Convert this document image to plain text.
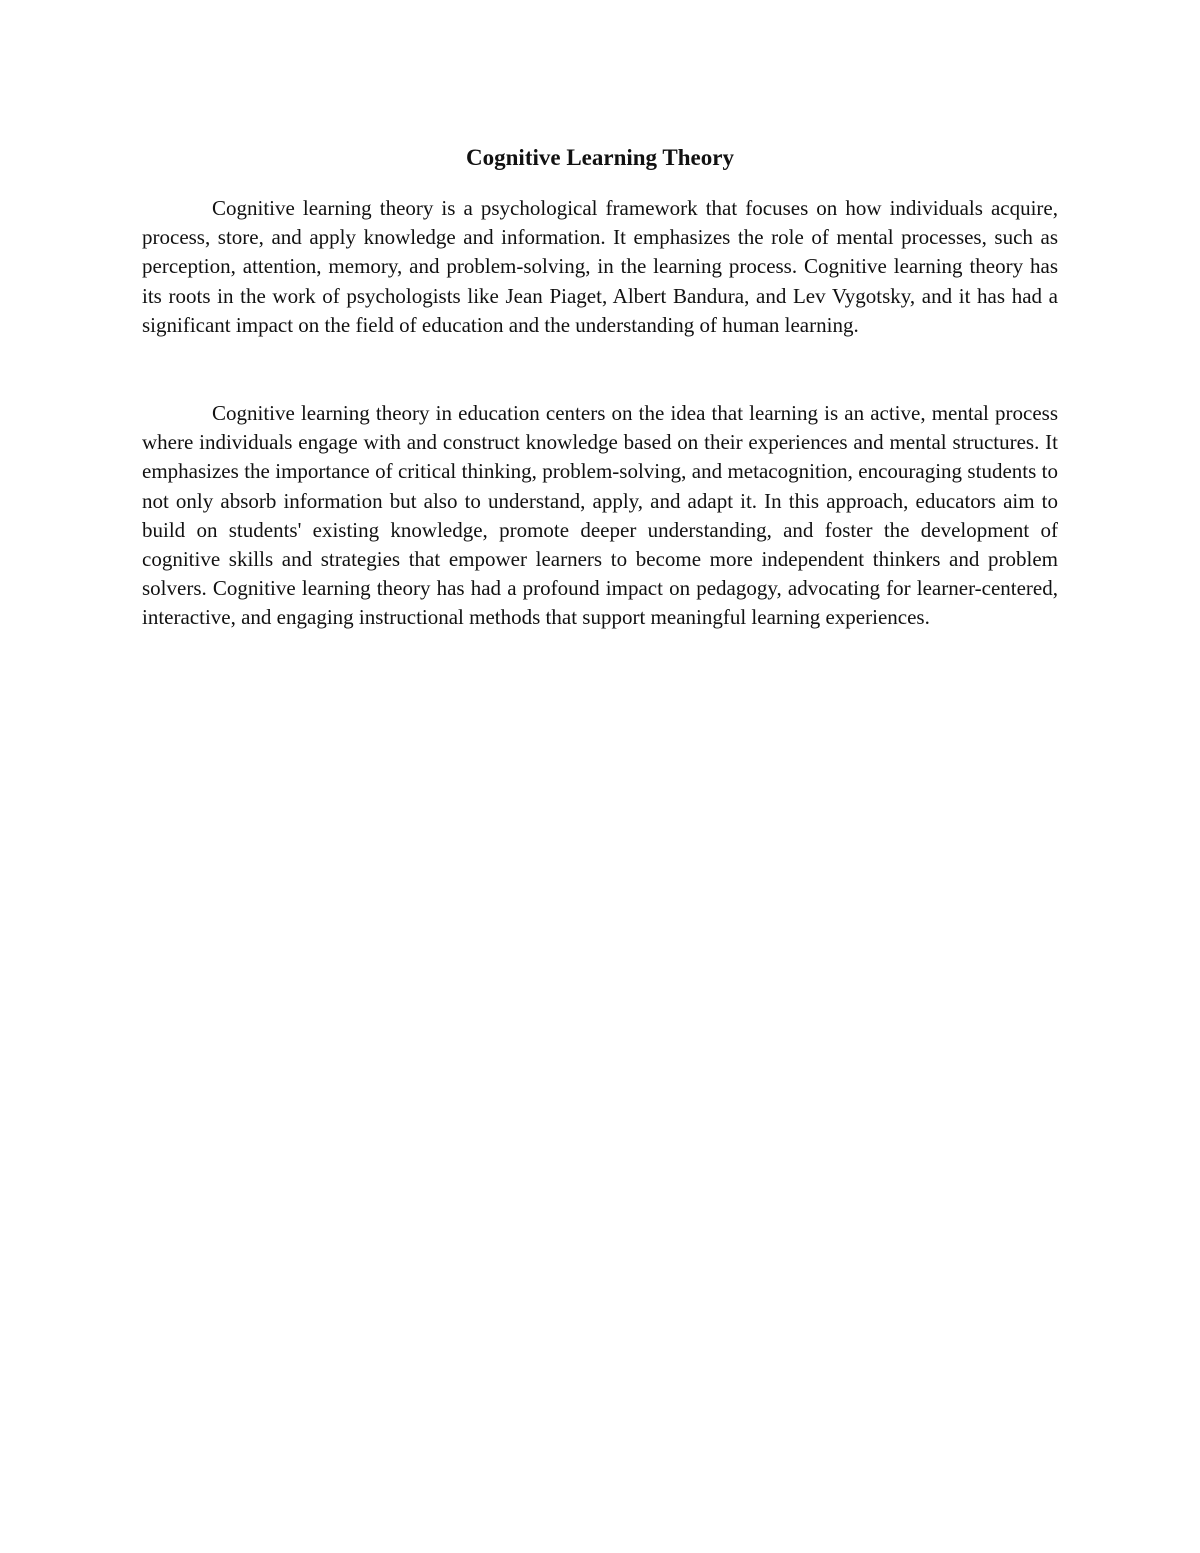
Cognitive Learning Theory

Cognitive learning theory is a psychological framework that focuses on how individuals acquire, process, store, and apply knowledge and information. It emphasizes the role of mental processes, such as perception, attention, memory, and problem-solving, in the learning process. Cognitive learning theory has its roots in the work of psychologists like Jean Piaget, Albert Bandura, and Lev Vygotsky, and it has had a significant impact on the field of education and the understanding of human learning.

Cognitive learning theory in education centers on the idea that learning is an active, mental process where individuals engage with and construct knowledge based on their experiences and mental structures. It emphasizes the importance of critical thinking, problem-solving, and metacognition, encouraging students to not only absorb information but also to understand, apply, and adapt it. In this approach, educators aim to build on students' existing knowledge, promote deeper understanding, and foster the development of cognitive skills and strategies that empower learners to become more independent thinkers and problem solvers. Cognitive learning theory has had a profound impact on pedagogy, advocating for learner-centered, interactive, and engaging instructional methods that support meaningful learning experiences.
